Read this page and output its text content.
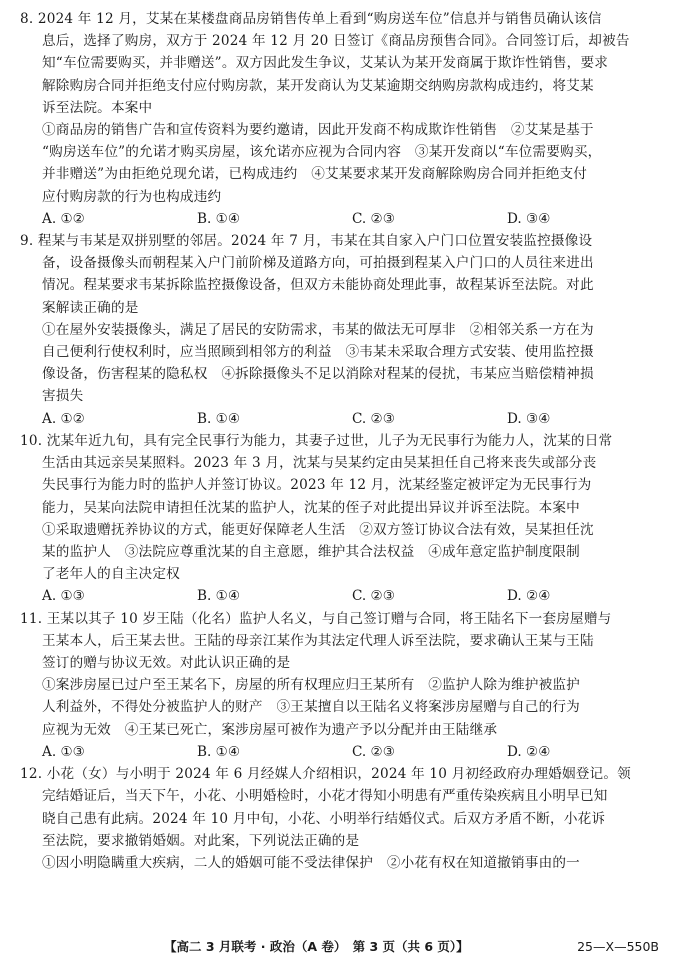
8. 2024 年 12 月，艾某在某楼盘商品房销售传单上看到“购房送车位”信息并与销售员确认该信
息后，选择了购房，双方于 2024 年 12 月 20 日签订《商品房预售合同》。合同签订后，却被告
知“车位需要购买，并非赠送”。双方因此发生争议，艾某认为某开发商属于欺诈性销售，要求
解除购房合同并拒绝支付应付购房款，某开发商认为艾某逾期交纳购房款构成违约，将艾某
诉至法院。本案中
①商品房的销售广告和宣传资料为要约邀请，因此开发商不构成欺诈性销售　②艾某是基于
“购房送车位”的允诺才购买房屋，该允诺亦应视为合同内容　③某开发商以“车位需要购买，
并非赠送”为由拒绝兑现允诺，已构成违约　④艾某要求某开发商解除购房合同并拒绝支付
应付购房款的行为也构成违约
A. ①②	B. ①④	C. ②③	D. ③④
9. 程某与韦某是双拼别墅的邻居。2024 年 7 月，韦某在其自家入户门口位置安装监控摄像设
备，设备摄像头而朝程某入户门前阶梯及道路方向，可拍摄到程某入户门口的人员往来进出
情况。程某要求韦某拆除监控摄像设备，但双方未能协商处理此事，故程某诉至法院。对此
案解读正确的是
①在屋外安装摄像头，满足了居民的安防需求，韦某的做法无可厚非　②相邻关系一方在为
自己便利行使权利时，应当照顾到相邻方的利益　③韦某未采取合理方式安装、使用监控摄
像设备，伤害程某的隐私权　④拆除摄像头不足以消除对程某的侵扰，韦某应当赔偿精神损
害损失
A. ①②	B. ①④	C. ②③	D. ③④
10. 沈某年近九旬，具有完全民事行为能力，其妻子过世，儿子为无民事行为能力人，沈某的日常
生活由其远亲吴某照料。2023 年 3 月，沈某与吴某约定由吴某担任自己将来丧失或部分丧
失民事行为能力时的监护人并签订协议。2023 年 12 月，沈某经鉴定被评定为无民事行为
能力，吴某向法院申请担任沈某的监护人，沈某的侄子对此提出异议并诉至法院。本案中
①采取遗赠抚养协议的方式，能更好保障老人生活　②双方签订协议合法有效，吴某担任沈
某的监护人　③法院应尊重沈某的自主意愿，维护其合法权益　④成年意定监护制度限制
了老年人的自主决定权
A. ①③	B. ①④	C. ②③	D. ②④
11. 王某以其子 10 岁王陆（化名）监护人名义，与自己签订赠与合同，将王陆名下一套房屋赠与
王某本人，后王某去世。王陆的母亲江某作为其法定代理人诉至法院，要求确认王某与王陆
签订的赠与协议无效。对此认识正确的是
①案涉房屋已过户至王某名下，房屋的所有权理应归王某所有　②监护人除为维护被监护
人利益外，不得处分被监护人的财产　③王某擅自以王陆名义将案涉房屋赠与自己的行为
应视为无效　④王某已死亡，案涉房屋可被作为遗产予以分配并由王陆继承
A. ①③	B. ①④	C. ②③	D. ②④
12. 小花（女）与小明于 2024 年 6 月经媒人介绍相识，2024 年 10 月初经政府办理婚姻登记。领
完结婚证后，当天下午，小花、小明婚检时，小花才得知小明患有严重传染疾病且小明早已知
晓自己患有此病。2024 年 10 月中旬，小花、小明举行结婚仪式。后双方矛盾不断，小花诉
至法院，要求撤销婚姻。对此案，下列说法正确的是
①因小明隐瞒重大疾病，二人的婚姻可能不受法律保护　②小花有权在知道撤销事由的一
【高二 3 月联考 · 政治（A 卷）　第 3 页（共 6 页）】	25—X—550B
